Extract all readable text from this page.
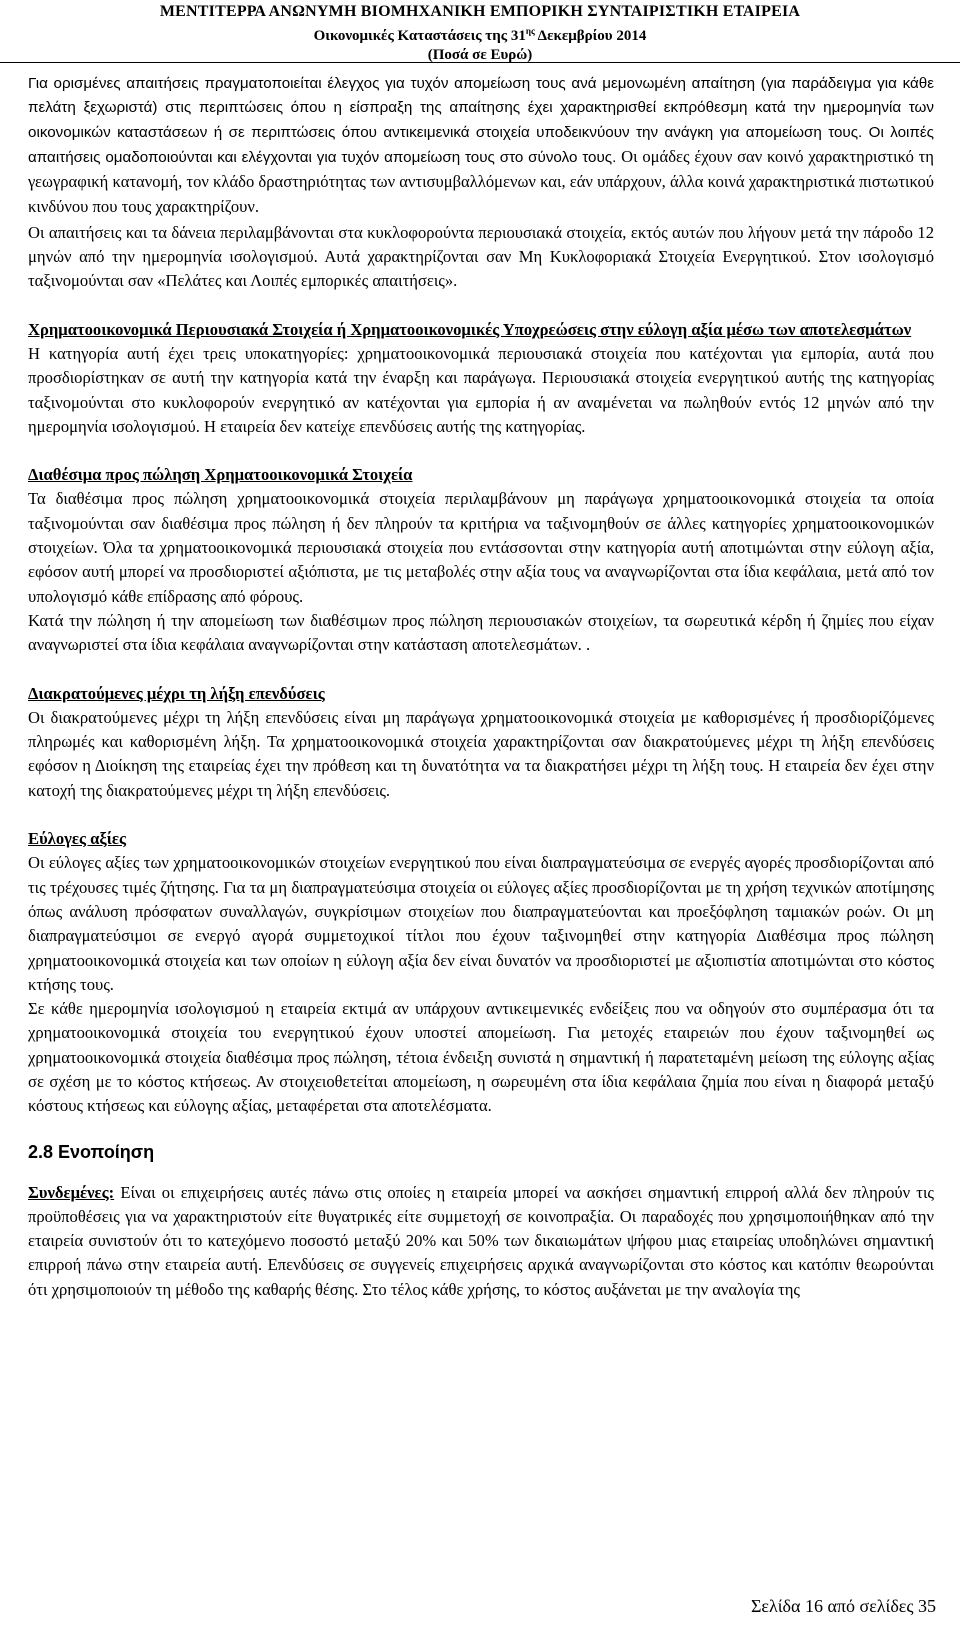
ΜΕΝΤΙΤΕΡΡΑ ΑΝΩΝΥΜΗ ΒΙΟΜΗΧΑΝΙΚΗ ΕΜΠΟΡΙΚΗ ΣΥΝΤΑΙΡΙΣΤΙΚΗ ΕΤΑΙΡΕΙΑ
Οικονομικές Καταστάσεις της $31^{\eta\varsigma}$ Δεκεμβρίου 2014
(Ποσά σε Ευρώ)

Για ορισμένες απαιτήσεις πραγματοποιείται έλεγχος για τυχόν απομείωση τους ανά μεμονωμένη απαίτηση (για παράδειγμα για κάθε πελάτη ξεχωριστά) στις περιπτώσεις όπου η είσπραξη της απαίτησης έχει χαρακτηρισθεί εκπρόθεσμη κατά την ημερομηνία των οικονομικών καταστάσεων ή σε περιπτώσεις όπου αντικειμενικά στοιχεία υποδεικνύουν την ανάγκη για απομείωση τους. Οι λοιπές απαιτήσεις ομαδοποιούνται και ελέγχονται για τυχόν απομείωση τους στο σύνολο τους. Οι ομάδες έχουν σαν κοινό χαρακτηριστικό τη γεωγραφική κατανομή, τον κλάδο δραστηριότητας των αντισυμβαλλόμενων και, εάν υπάρχουν, άλλα κοινά χαρακτηριστικά πιστωτικού κινδύνου που τους χαρακτηρίζουν.

Οι απαιτήσεις και τα δάνεια περιλαμβάνονται στα κυκλοφορούντα περιουσιακά στοιχεία, εκτός αυτών που λήγουν μετά την πάροδο 12 μηνών από την ημερομηνία ισολογισμού. Αυτά χαρακτηρίζονται σαν Μη Κυκλοφοριακά Στοιχεία Ενεργητικού. Στον ισολογισμό ταξινομούνται σαν «Πελάτες και Λοιπές εμπορικές απαιτήσεις».

Χρηματοοικονομικά Περιουσιακά Στοιχεία ή Χρηματοοικονομικές Υποχρεώσεις στην εύλογη αξία μέσω των αποτελεσμάτων

Η κατηγορία αυτή έχει τρεις υποκατηγορίες: χρηματοοικονομικά περιουσιακά στοιχεία που κατέχονται για εμπορία, αυτά που προσδιορίστηκαν σε αυτή την κατηγορία κατά την έναρξη και παράγωγα. Περιουσιακά στοιχεία ενεργητικού αυτής της κατηγορίας ταξινομούνται στο κυκλοφορούν ενεργητικό αν κατέχονται για εμπορία ή αν αναμένεται να πωληθούν εντός 12 μηνών από την ημερομηνία ισολογισμού. Η εταιρεία δεν κατείχε επενδύσεις αυτής της κατηγορίας.

Διαθέσιμα προς πώληση Χρηματοοικονομικά Στοιχεία

Τα διαθέσιμα προς πώληση χρηματοοικονομικά στοιχεία περιλαμβάνουν μη παράγωγα χρηματοοικονομικά στοιχεία τα οποία ταξινομούνται σαν διαθέσιμα προς πώληση ή δεν πληρούν τα κριτήρια να ταξινομηθούν σε άλλες κατηγορίες χρηματοοικονομικών στοιχείων. Όλα τα χρηματοοικονομικά περιουσιακά στοιχεία που εντάσσονται στην κατηγορία αυτή αποτιμώνται στην εύλογη αξία, εφόσον αυτή μπορεί να προσδιοριστεί αξιόπιστα, με τις μεταβολές στην αξία τους να αναγνωρίζονται στα ίδια κεφάλαια, μετά από τον υπολογισμό κάθε επίδρασης από φόρους.

Κατά την πώληση ή την απομείωση των διαθέσιμων προς πώληση περιουσιακών στοιχείων, τα σωρευτικά κέρδη ή ζημίες που είχαν αναγνωριστεί στα ίδια κεφάλαια αναγνωρίζονται στην κατάσταση αποτελεσμάτων. .

Διακρατούμενες μέχρι τη λήξη επενδύσεις

Οι διακρατούμενες μέχρι τη λήξη επενδύσεις είναι μη παράγωγα χρηματοοικονομικά στοιχεία με καθορισμένες ή προσδιορίζόμενες πληρωμές και καθορισμένη λήξη. Τα χρηματοοικονομικά στοιχεία χαρακτηρίζονται σαν διακρατούμενες μέχρι τη λήξη επενδύσεις εφόσον η Διοίκηση της εταιρείας έχει την πρόθεση και τη δυνατότητα να τα διακρατήσει μέχρι τη λήξη τους. Η εταιρεία δεν έχει στην κατοχή της διακρατούμενες μέχρι τη λήξη επενδύσεις.

Εύλογες αξίες

Οι εύλογες αξίες των χρηματοοικονομικών στοιχείων ενεργητικού που είναι διαπραγματεύσιμα σε ενεργές αγορές προσδιορίζονται από τις τρέχουσες τιμές ζήτησης. Για τα μη διαπραγματεύσιμα στοιχεία οι εύλογες αξίες προσδιορίζονται με τη χρήση τεχνικών αποτίμησης όπως ανάλυση πρόσφατων συναλλαγών, συγκρίσιμων στοιχείων που διαπραγματεύονται και προεξόφληση ταμιακών ροών. Οι μη διαπραγματεύσιμοι σε ενεργό αγορά συμμετοχικοί τίτλοι που έχουν ταξινομηθεί στην κατηγορία Διαθέσιμα προς πώληση χρηματοοικονομικά στοιχεία και των οποίων η εύλογη αξία δεν είναι δυνατόν να προσδιοριστεί με αξιοπιστία αποτιμώνται στο κόστος κτήσης τους.

Σε κάθε ημερομηνία ισολογισμού η εταιρεία εκτιμά αν υπάρχουν αντικειμενικές ενδείξεις που να οδηγούν στο συμπέρασμα ότι τα χρηματοοικονομικά στοιχεία του ενεργητικού έχουν υποστεί απομείωση. Για μετοχές εταιρειών που έχουν ταξινομηθεί ως χρηματοοικονομικά στοιχεία διαθέσιμα προς πώληση, τέτοια ένδειξη συνιστά η σημαντική ή παρατεταμένη μείωση της εύλογης αξίας σε σχέση με το κόστος κτήσεως. Αν στοιχειοθετείται απομείωση, η σωρευμένη στα ίδια κεφάλαια ζημία που είναι η διαφορά μεταξύ κόστους κτήσεως και εύλογης αξίας, μεταφέρεται στα αποτελέσματα.

2.8 Ενοποίηση

Συνδεμένες: Είναι οι επιχειρήσεις αυτές πάνω στις οποίες η εταιρεία μπορεί να ασκήσει σημαντική επιρροή αλλά δεν πληρούν τις προϋποθέσεις για να χαρακτηριστούν είτε θυγατρικές είτε συμμετοχή σε κοινοπραξία. Οι παραδοχές που χρησιμοποιήθηκαν από την εταιρεία συνιστούν ότι το κατεχόμενο ποσοστό μεταξύ 20% και 50% των δικαιωμάτων ψήφου μιας εταιρείας υποδηλώνει σημαντική επιρροή πάνω στην εταιρεία αυτή. Επενδύσεις σε συγγενείς επιχειρήσεις αρχικά αναγνωρίζονται στο κόστος και κατόπιν θεωρούνται ότι χρησιμοποιούν τη μέθοδο της καθαρής θέσης. Στο τέλος κάθε χρήσης, το κόστος αυξάνεται με την αναλογία της

Σελίδα 16 από σελίδες 35
